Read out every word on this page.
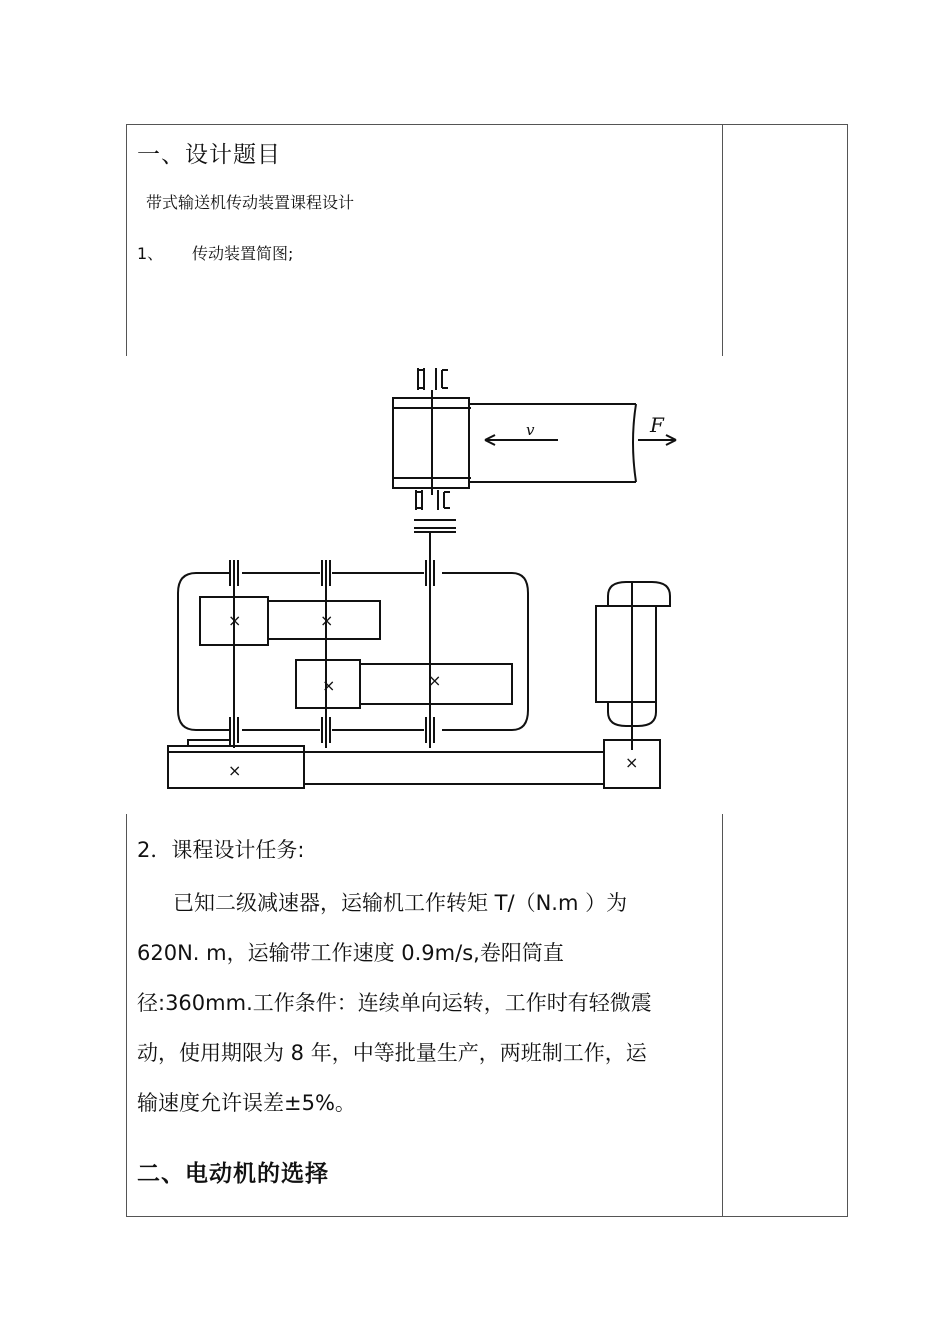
一、设计题目
带式输送机传动装置课程设计
1、 传动装置简图;
v	F
×	×
×	×
×	×
2．课程设计任务:

已知二级减速器，运输机工作转矩 T/（N.m ）为

620N. m，运输带工作速度 0.9m/s,卷阳筒直

径:360mm.工作条件：连续单向运转，工作时有轻微震

动，使用期限为 8 年，中等批量生产，两班制工作，运

输速度允许误差±5%。

二、电动机的选择
